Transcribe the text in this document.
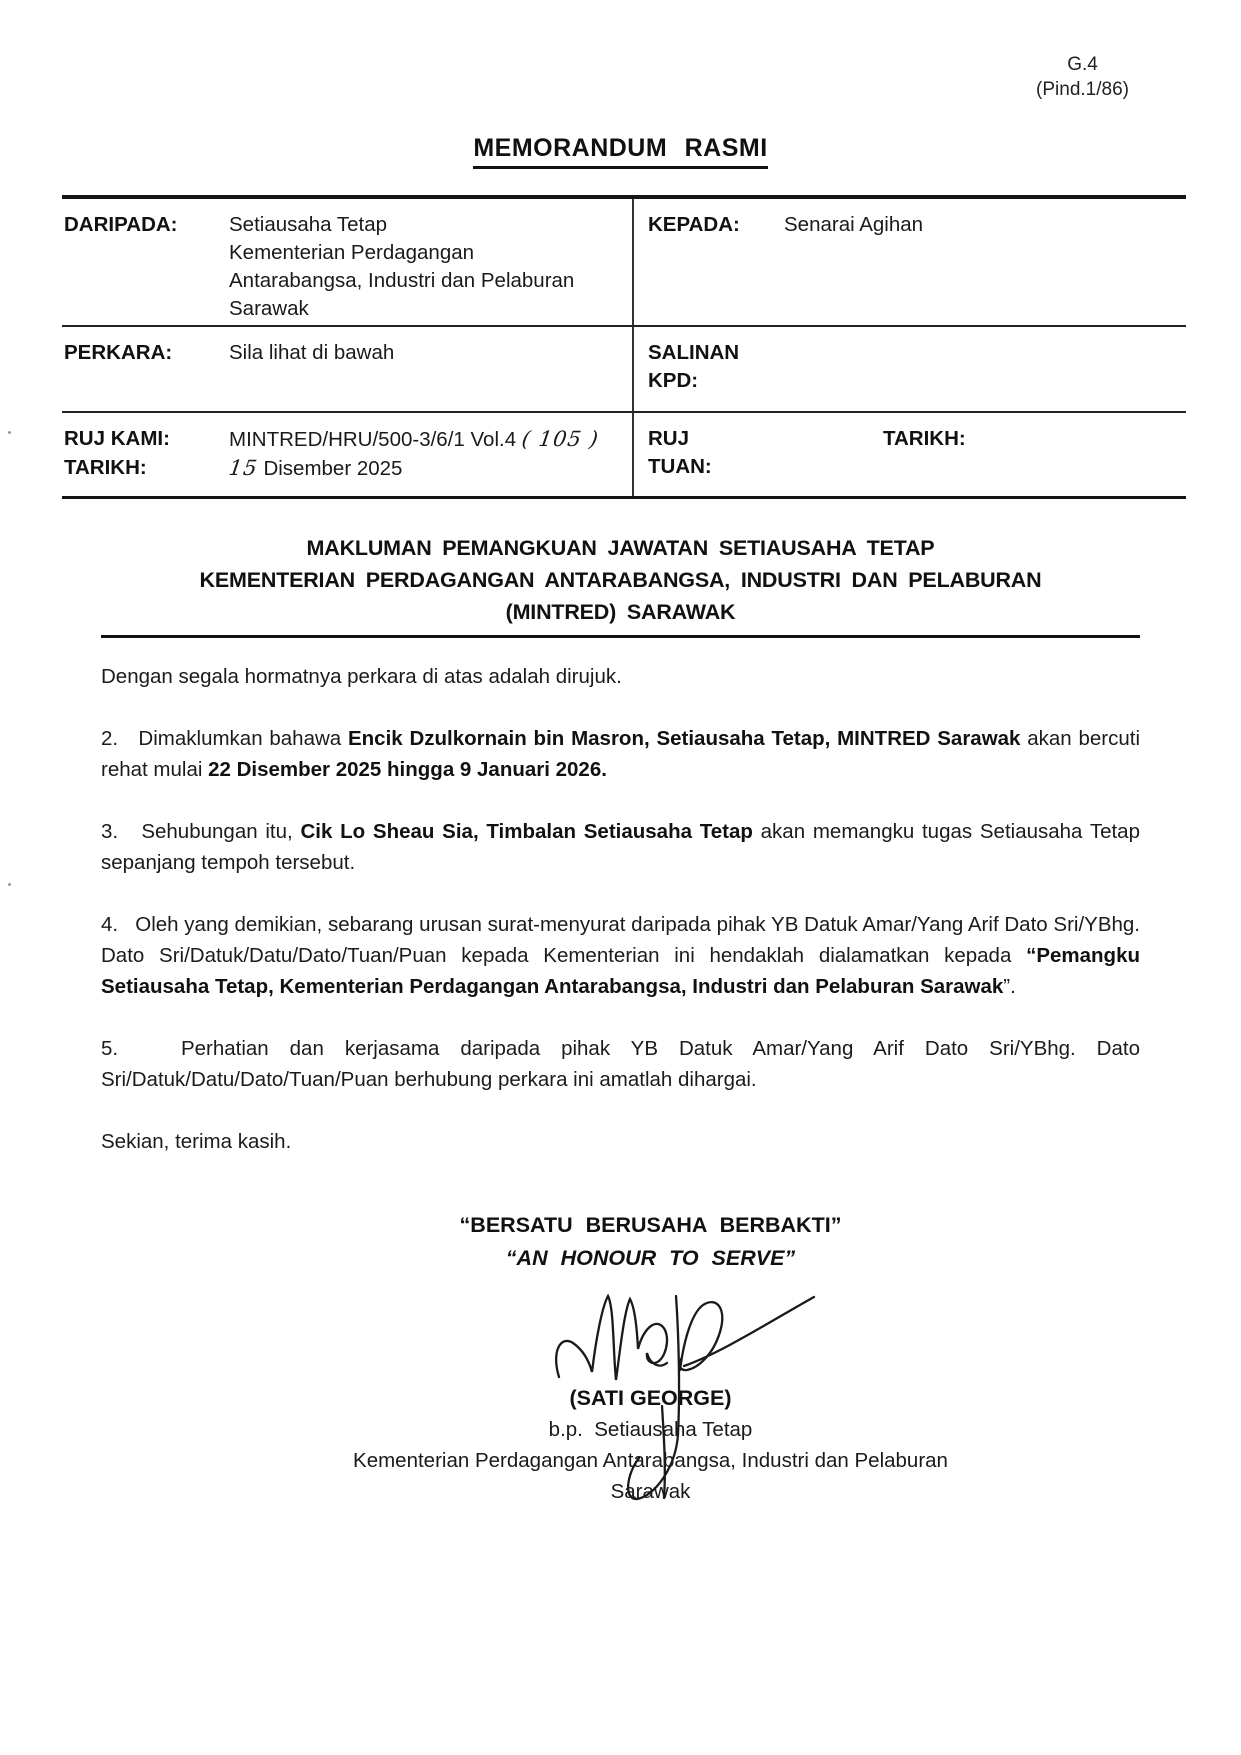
G.4
(Pind.1/86)
MEMORANDUM RASMI
DARIPADA:	Setiausaha Tetap
Kementerian Perdagangan
Antarabangsa, Industri dan Pelaburan
Sarawak
KEPADA:	Senarai Agihan
PERKARA:	Sila lihat di bawah	SALINAN
KPD:
RUJ KAMI:	MINTRED/HRU/500-3/6/1 Vol.4 ( 105 )
TARIKH:	15 Disember 2025
RUJ
TUAN:
TARIKH:
MAKLUMAN PEMANGKUAN JAWATAN SETIAUSAHA TETAP
KEMENTERIAN PERDAGANGAN ANTARABANGSA, INDUSTRI DAN PELABURAN
(MINTRED) SARAWAK

Dengan segala hormatnya perkara di atas adalah dirujuk.

2.   Dimaklumkan bahawa Encik Dzulkornain bin Masron, Setiausaha Tetap, MINTRED Sarawak akan bercuti rehat mulai 22 Disember 2025 hingga 9 Januari 2026.

3.   Sehubungan itu, Cik Lo Sheau Sia, Timbalan Setiausaha Tetap akan memangku tugas Setiausaha Tetap sepanjang tempoh tersebut.

4.   Oleh yang demikian, sebarang urusan surat-menyurat daripada pihak YB Datuk Amar/Yang Arif Dato Sri/YBhg. Dato Sri/Datuk/Datu/Dato/Tuan/Puan kepada Kementerian ini hendaklah dialamatkan kepada “Pemangku Setiausaha Tetap, Kementerian Perdagangan Antarabangsa, Industri dan Pelaburan Sarawak”.

5.   Perhatian dan kerjasama daripada pihak YB Datuk Amar/Yang Arif Dato Sri/YBhg. Dato Sri/Datuk/Datu/Dato/Tuan/Puan berhubung perkara ini amatlah dihargai.

Sekian, terima kasih.

“BERSATU BERUSAHA BERBAKTI”
“AN HONOUR TO SERVE”
(SATI GEORGE)
b.p.  Setiausaha Tetap
Kementerian Perdagangan Antarabangsa, Industri dan Pelaburan
Sarawak
